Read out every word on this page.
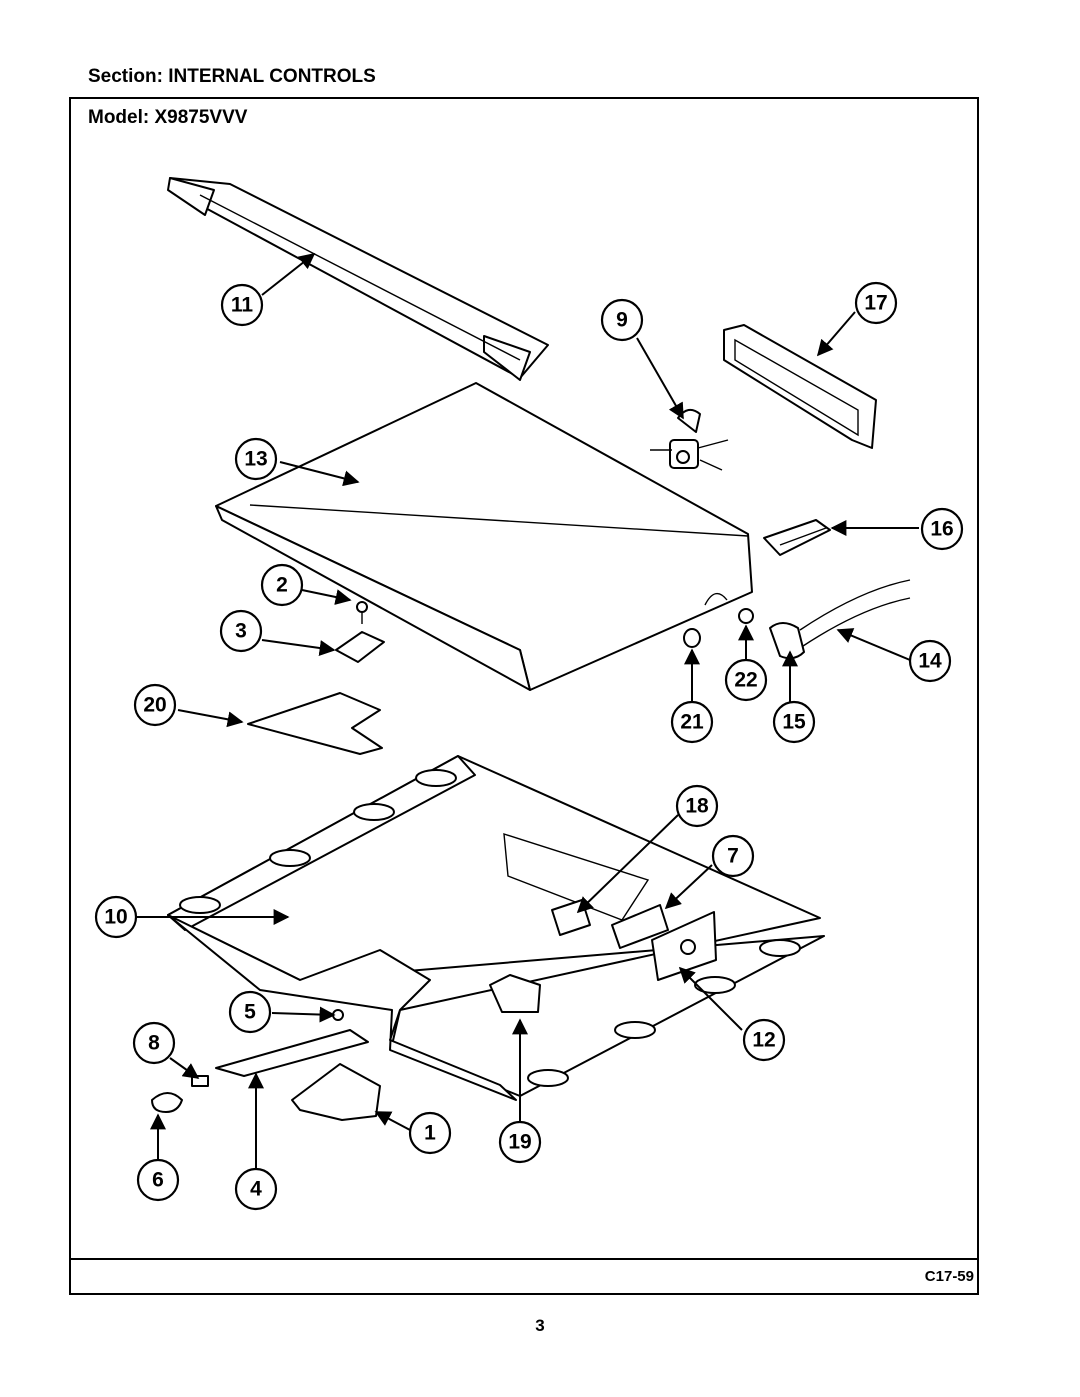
Section: INTERNAL CONTROLS
Model: X9875VVV
C17-59
3
11
9
17
13
16
2
3
14
22
20
21	15
18
7
10
5
8	12
1	19
6	4
